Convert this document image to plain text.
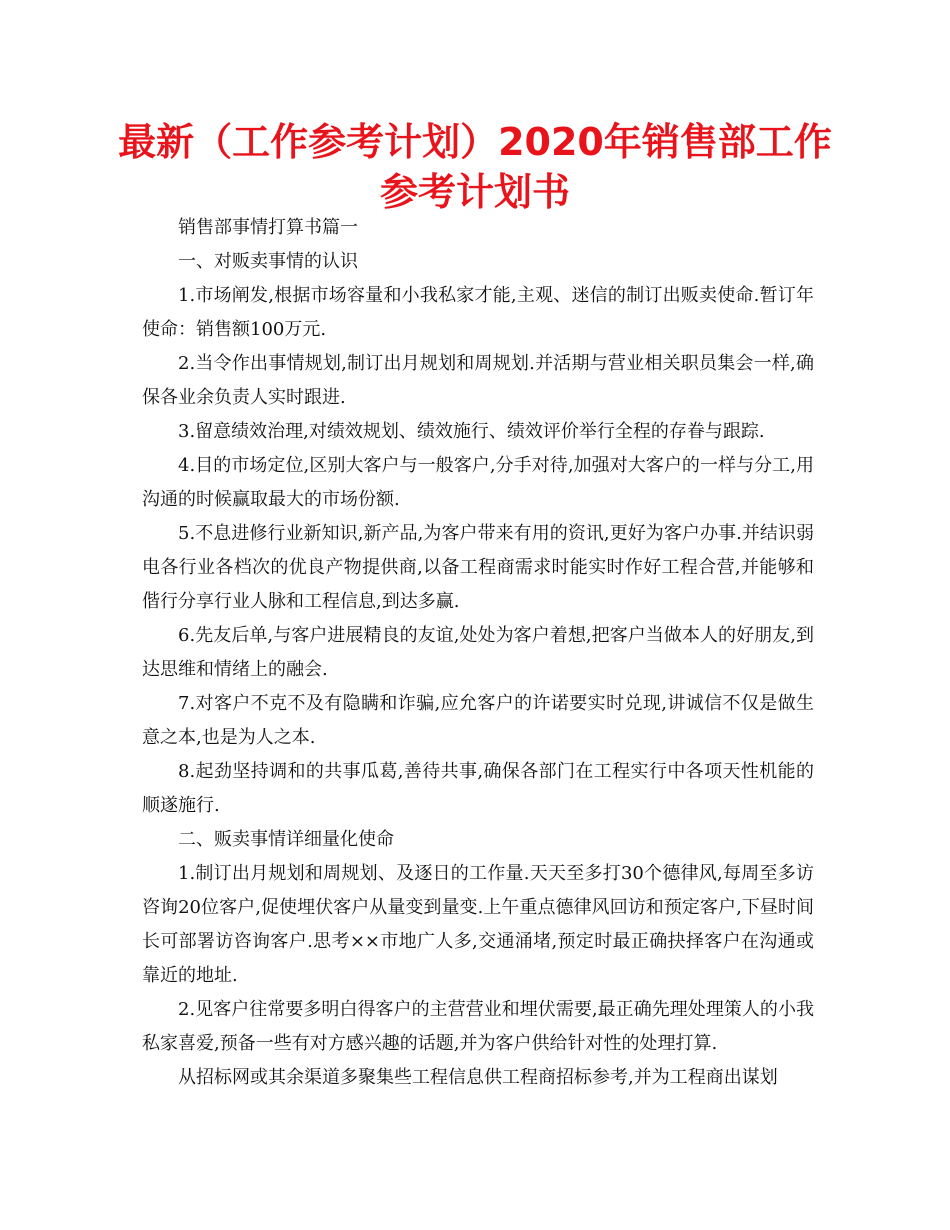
最新（工作参考计划）2020年销售部工作
参考计划书

销售部事情打算书篇一

一、对贩卖事情的认识

1.市场阐发,根据市场容量和小我私家才能,主观、迷信的制订出贩卖使命.暂订年使命：销售额100万元.

2.当令作出事情规划,制订出月规划和周规划.并活期与营业相关职员集会一样,确保各业余负责人实时跟进.

3.留意绩效治理,对绩效规划、绩效施行、绩效评价举行全程的存眷与跟踪.

4.目的市场定位,区别大客户与一般客户,分手对待,加强对大客户的一样与分工,用沟通的时候赢取最大的市场份额.

5.不息进修行业新知识,新产品,为客户带来有用的资讯,更好为客户办事.并结识弱电各行业各档次的优良产物提供商,以备工程商需求时能实时作好工程合营,并能够和偕行分享行业人脉和工程信息,到达多赢.

6.先友后单,与客户进展精良的友谊,处处为客户着想,把客户当做本人的好朋友,到达思维和情绪上的融会.

7.对客户不克不及有隐瞒和诈骗,应允客户的许诺要实时兑现,讲诚信不仅是做生意之本,也是为人之本.

8.起劲坚持调和的共事瓜葛,善待共事,确保各部门在工程实行中各项天性机能的顺遂施行.

二、贩卖事情详细量化使命

1.制订出月规划和周规划、及逐日的工作量.天天至多打30个德律风,每周至多访咨询20位客户,促使埋伏客户从量变到量变.上午重点德律风回访和预定客户,下昼时间长可部署访咨询客户.思考××市地广人多,交通涌堵,预定时最正确抉择客户在沟通或靠近的地址.

2.见客户往常要多明白得客户的主营营业和埋伏需要,最正确先理处理策人的小我私家喜爱,预备一些有对方感兴趣的话题,并为客户供给针对性的处理打算.

从招标网或其余渠道多聚集些工程信息供工程商招标参考,并为工程商出谋划
